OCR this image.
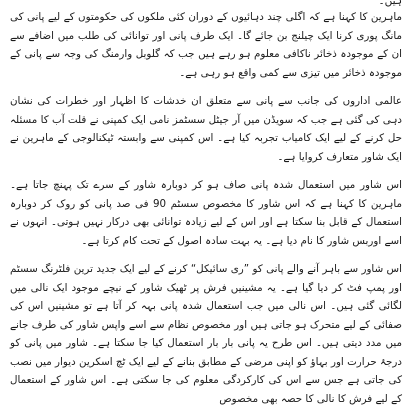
ہیں۔

ماہرین کا کہنا ہے کہ اگلی چند دہائیوں کے دوران کئی ملکوں کی حکومتوں کے لیے پانی کی مانگ پوری کرنا ایک چیلنج بن جائے گا۔ ایک طرف پانی اور توانائی کی طلب میں اضافے سے ان کے موجودہ ذخائر ناکافی معلوم ہو رہے ہیں جب کہ گلوبل وارمنگ کی وجہ سے پانی کے موجودہ ذخائر میں تیزی سے کمی واقع ہو رہی ہے۔

عالمی اداروں کی جانب سے پانی سے متعلق ان خدشات کا اظہار اور خطرات کی نشان دہی کی گئی ہے جب کہ سویڈن میں آر جیٹل سسٹمز نامی ایک کمپنی نے قلت آب کا مسئلہ حل کرنے کے لیے ایک کامیاب تجربہ کیا ہے۔ اس کمپنی سے وابستہ ٹیکنالوجی کے ماہرین نے ایک شاور متعارف کروایا ہے۔

اس شاور میں استعمال شدہ پانی صاف ہو کر دوبارہ شاور کے سرے تک پہنچ جاتا ہے۔ ماہرین کا کہنا ہے کہ اس شاور کا مخصوص سسٹم 90 فی صد پانی کو روک کر دوبارہ استعمال کے قابل بنا سکتا ہے اور اس کے لیے زیادہ توانائی بھی درکار نہیں ہوتی۔ انہوں نے اسے اوربس شاور کا نام دیا ہے۔ یہ بہت سادہ اصول کے تحت کام کرتا ہے۔

اس شاور سے باہر آنے والے پانی کو ”ری سائیکل“ کرنے کے لیے ایک جدید ترین فلٹرنگ سسٹم اور پمپ فٹ کر دیا گیا ہے۔ یہ مشینیں فرش پر ٹھیک شاور کے نیچے موجود ایک نالی میں لگائی گئی ہیں۔ اس نالی میں جب استعمال شدہ پانی بہہ کر آتا ہے تو مشینیں اس کی صفائی کے لیے متحرک ہو جاتی ہیں اور مخصوص نظام سے اسے واپس شاور کی طرف جانے میں مدد دیتی ہیں۔ اس طرح یہ پانی بار بار استعمال کیا جا سکتا ہے۔ شاور میں پانی کو درجۂ حرارت اور بہاؤ کو اپنی مرضی کے مطابق بنانے کے لیے ایک ٹچ اسکرین دیوار میں نصب کی جاتی ہے جس سے اس کی کارکردگی معلوم کی جا سکتی ہے۔ اس شاور کے استعمال کے لیے فرش کا نالی کا حصہ بھی مخصوص
